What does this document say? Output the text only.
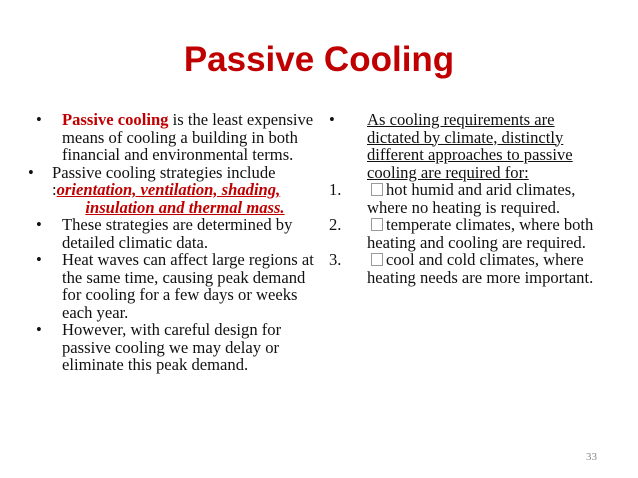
Passive Cooling
• Passive cooling is the least expensive means of cooling a building in both financial and environmental terms.
• Passive cooling strategies include :orientation, ventilation, shading,
insulation and thermal mass.
• These strategies are determined by detailed climatic data.
• Heat waves can affect large regions at the same time, causing peak demand for cooling for a few days or weeks each year.
• However, with careful design for passive cooling we may delay or eliminate this peak demand.
• As cooling requirements are dictated by climate, distinctly different approaches to passive cooling are required for:
1.	hot humid and arid climates, where no heating is required.
2.	temperate climates, where both heating and cooling are required.
3.	cool and cold climates, where heating needs are more important.
33
